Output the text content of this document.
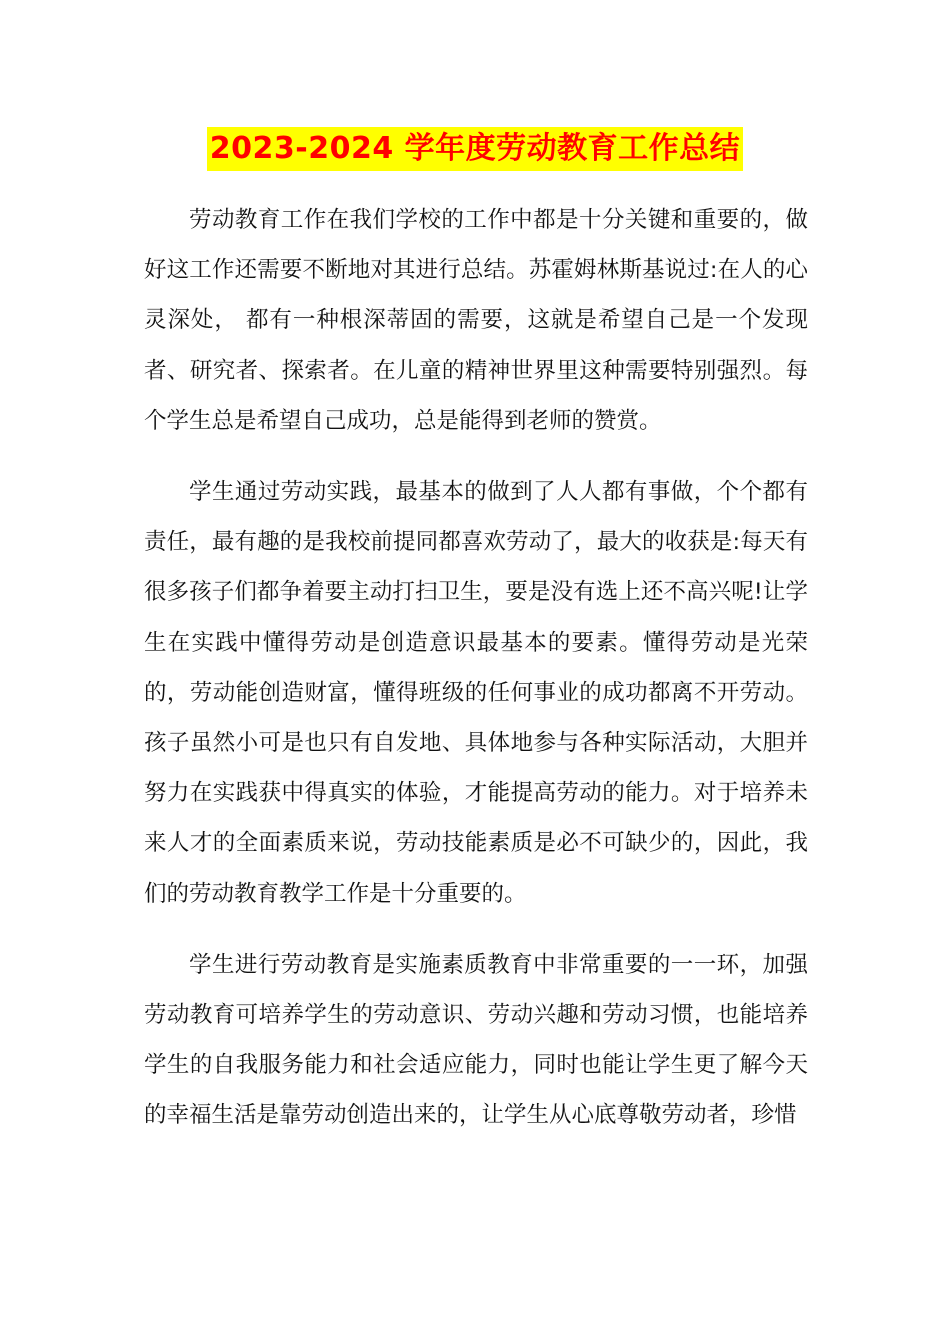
2023-2024 学年度劳动教育工作总结

劳动教育工作在我们学校的工作中都是十分关键和重要的，做好这工作还需要不断地对其进行总结。苏霍姆林斯基说过:在人的心灵深处， 都有一种根深蒂固的需要，这就是希望自己是一个发现者、研究者、探索者。在儿童的精神世界里这种需要特别强烈。每个学生总是希望自己成功，总是能得到老师的赞赏。

学生通过劳动实践，最基本的做到了人人都有事做，个个都有责任，最有趣的是我校前提同都喜欢劳动了，最大的收获是:每天有很多孩子们都争着要主动打扫卫生，要是没有选上还不高兴呢!让学生在实践中懂得劳动是创造意识最基本的要素。懂得劳动是光荣的，劳动能创造财富，懂得班级的任何事业的成功都离不开劳动。孩子虽然小可是也只有自发地、具体地参与各种实际活动，大胆并努力在实践获中得真实的体验，才能提高劳动的能力。对于培养未来人才的全面素质来说，劳动技能素质是必不可缺少的，因此，我们的劳动教育教学工作是十分重要的。

学生进行劳动教育是实施素质教育中非常重要的一一环，加强劳动教育可培养学生的劳动意识、劳动兴趣和劳动习惯，也能培养学生的自我服务能力和社会适应能力，同时也能让学生更了解今天的幸福生活是靠劳动创造出来的，让学生从心底尊敬劳动者，珍惜
